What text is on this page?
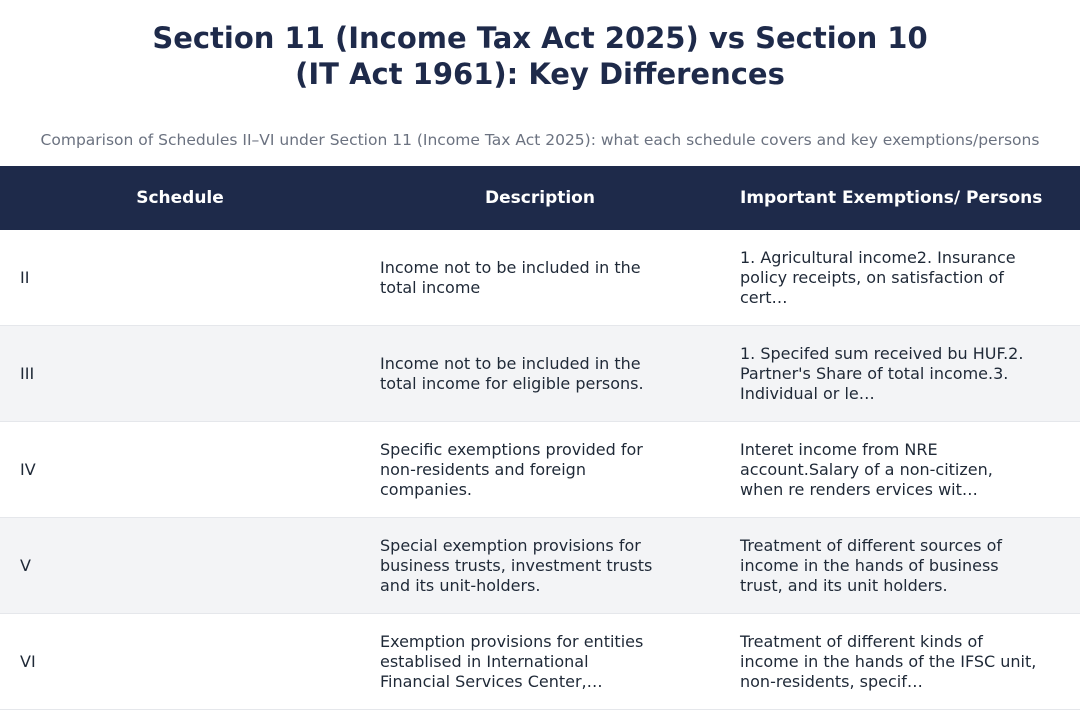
Section 11 (Income Tax Act 2025) vs Section 10
(IT Act 1961): Key Differences
Comparison of Schedules II–VI under Section 11 (Income Tax Act 2025): what each schedule covers and key exemptions/persons
Schedule	Description	Important Exemptions/ Persons
II
Income not to be included in the total income
1. Agricultural income2. Insurance policy receipts, on satisfaction of cert…
III
Income not to be included in the total income for eligible persons.
1. Specifed sum received bu HUF.2. Partner's Share of total income.3. Individual or le…
IV
Specific exemptions provided for non-residents and foreign companies.
Interet income from NRE account.Salary of a non-citizen, when re renders ervices wit…
V
Special exemption provisions for business trusts, investment trusts and its unit-holders.
Treatment of different sources of income in the hands of business trust, and its unit holders.
VI
Exemption provisions for entities establised in International Financial Services Center,…
Treatment of different kinds of income in the hands of the IFSC unit, non-residents, specif…
